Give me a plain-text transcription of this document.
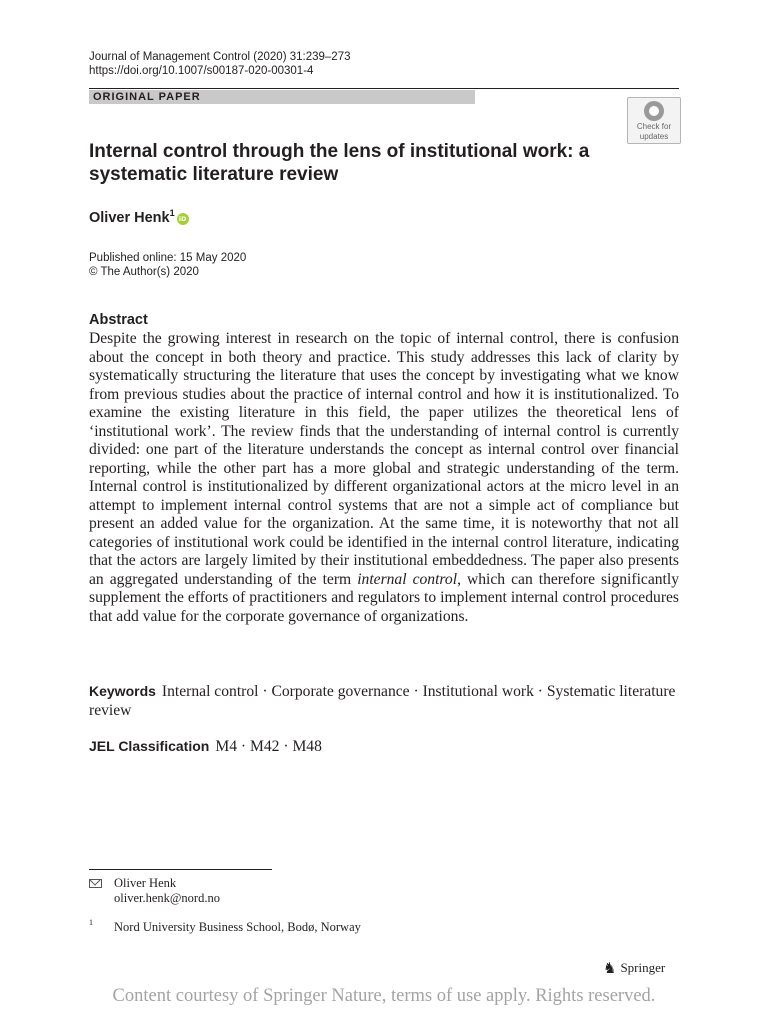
Journal of Management Control (2020) 31:239–273
https://doi.org/10.1007/s00187-020-00301-4
ORIGINAL PAPER
Check for
updates
Internal control through the lens of institutional work: a systematic literature review
Oliver Henk$^1$iD
Published online: 15 May 2020
© The Author(s) 2020
Abstract

Despite the growing interest in research on the topic of internal control, there is confusion about the concept in both theory and practice. This study addresses this lack of clarity by systematically structuring the literature that uses the concept by investigating what we know from previous studies about the practice of internal control and how it is institutionalized. To examine the existing literature in this field, the paper utilizes the theoretical lens of ‘institutional work’. The review finds that the understanding of internal control is currently divided: one part of the literature understands the concept as internal control over financial reporting, while the other part has a more global and strategic understanding of the term. Internal control is institutionalized by different organizational actors at the micro level in an attempt to implement internal control systems that are not a simple act of compliance but present an added value for the organization. At the same time, it is noteworthy that not all categories of institutional work could be identified in the internal control literature, indicating that the actors are largely limited by their institutional embeddedness. The paper also presents an aggregated understanding of the term internal control, which can therefore significantly supplement the efforts of practitioners and regulators to implement internal control procedures that add value for the corporate governance of organizations.

Keywords Internal control · Corporate governance · Institutional work · Systematic literature review
JEL Classification M4 · M42 · M48
Oliver Henk
oliver.henk@nord.no
1 Nord University Business School, Bodø, Norway
♞ Springer
Content courtesy of Springer Nature, terms of use apply. Rights reserved.
